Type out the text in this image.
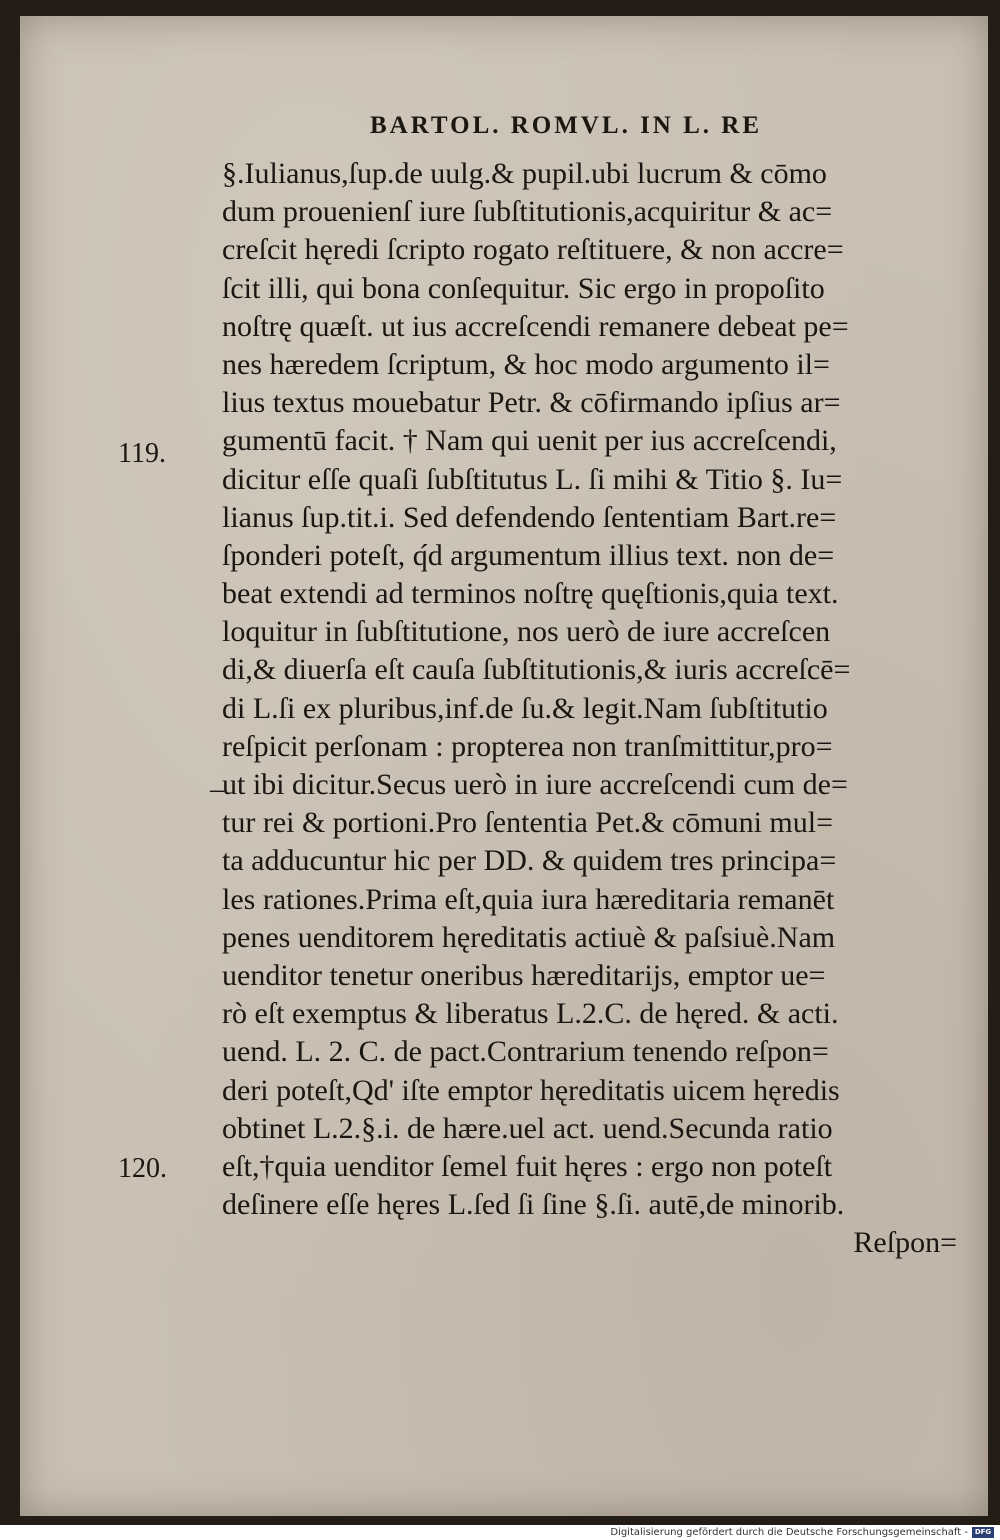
BARTOL. ROMVL. IN L. RE
119.
–
120.
§.Iulianus,ſup.de uulg.& pupil.ubi lucrum & cōmo
dum prouenienſ iure ſubſtitutionis,acquiritur & ac=
creſcit hęredi ſcripto rogato reſtituere, & non accre=
ſcit illi, qui bona conſequitur. Sic ergo in propoſito
noſtrę quæſt. ut ius accreſcendi remanere debeat pe=
nes hæredem ſcriptum, & hoc modo argumento il=
lius textus mouebatur Petr. & cōfirmando ipſius ar=
gumentū facit. † Nam qui uenit per ius accreſcendi,
dicitur eſſe quaſi ſubſtitutus L. ſi mihi & Titio §. Iu=
lianus ſup.tit.i. Sed defendendo ſententiam Bart.re=
ſponderi poteſt, q́d argumentum illius text. non de=
beat extendi ad terminos noſtrę quęſtionis,quia text.
loquitur in ſubſtitutione, nos uerò de iure accreſcen
di,& diuerſa eſt cauſa ſubſtitutionis,& iuris accreſcē=
di L.ſi ex pluribus,inf.de ſu.& legit.Nam ſubſtitutio
reſpicit perſonam : propterea non tranſmittitur,pro=
ut ibi dicitur.Secus uerò in iure accreſcendi cum de=
tur rei & portioni.Pro ſententia Pet.& cōmuni mul=
ta adducuntur hic per DD. & quidem tres principa=
les rationes.Prima eſt,quia iura hæreditaria remanēt
penes uenditorem hęreditatis actiuè & paſsiuè.Nam
uenditor tenetur oneribus hæreditarijs, emptor ue=
rò eſt exemptus & liberatus L.2.C. de hęred. & acti.
uend. L. 2. C. de pact.Contrarium tenendo reſpon=
deri poteſt,Qd' iſte emptor hęreditatis uicem hęredis
obtinet L.2.§.i. de hære.uel act. uend.Secunda ratio
eſt,†quia uenditor ſemel fuit hęres : ergo non poteſt
deſinere eſſe hęres L.ſed ſi ſine §.ſi. autē,de minorib.
Reſpon=
Digitalisierung gefördert durch die Deutsche Forschungsgemeinschaft - DFG
